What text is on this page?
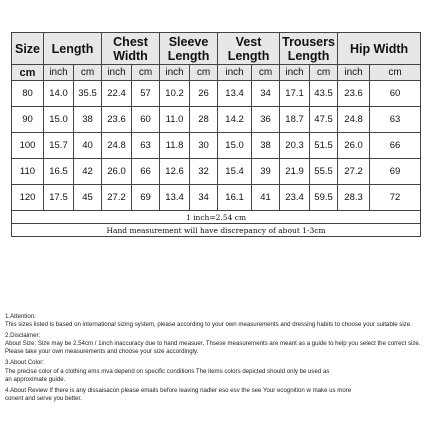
Size	Length		Chest Width		Sleeve Length		Vest Length		Trousers Length		Hip Width	
cm	inch	cm	inch	cm	inch	cm	inch	cm	inch	cm	inch	cm
80	14.0	35.5	22.4	57	10.2	26	13.4	34	17.1	43.5	23.6	60
90	15.0	38	23.6	60	11.0	28	14.2	36	18.7	47.5	24.8	63
100	15.7	40	24.8	63	11.8	30	15.0	38	20.3	51.5	26.0	66
110	16.5	42	26.0	66	12.6	32	15.4	39	21.9	55.5	27.2	69
120	17.5	45	27.2	69	13.4	34	16.1	41	23.4	59.5	28.3	72
1 inch=2.54 cm												
Hand measurement will have discrepancy of about 1-3cm												
1.Attention:
This sizes listed is based on international sizing system, please according to your own measurements and dressing habits to choose your suitable size.
2.Disclaimer:
About Size: Size may be 2.54cm / 1inch inaccuracy due to hand measuer. Thsese measurements are meant as a guide to help you select the correct size.
Please take your own measurements and choose your size accordingly.
3.About Color:
The precise color of a clothing ems mva depend on specific conditions The items colors depicted should only be used as
an approximate guide.
4.About Review If there is any dissaisacon please emails before leaving nadler eso esv the see Your ecognition w make us more
conent and serve you better.
